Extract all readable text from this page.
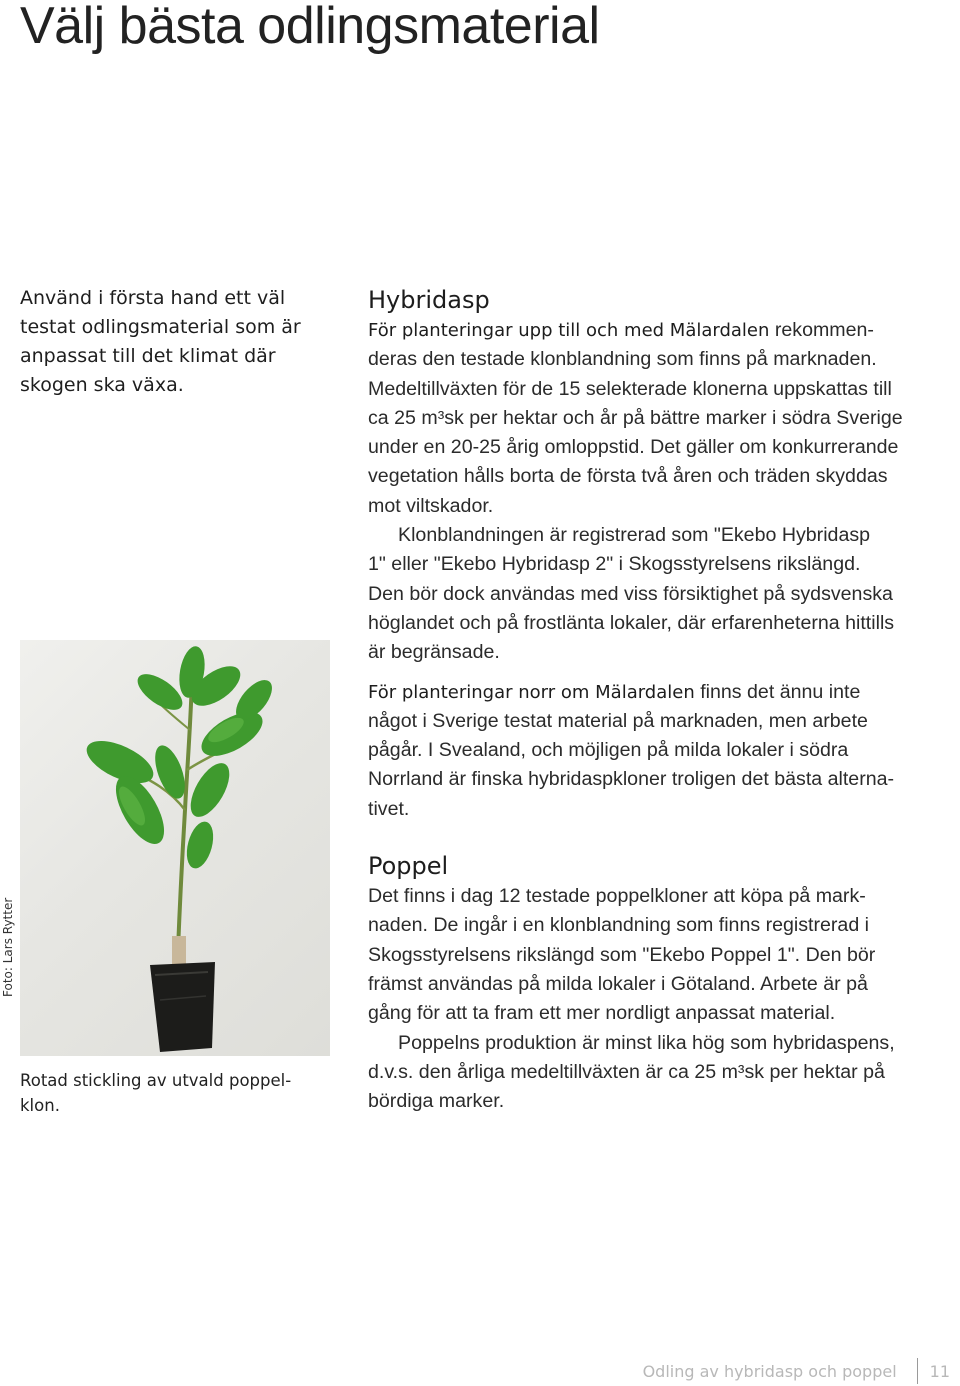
Välj bästa odlingsmaterial
Använd i första hand ett väl
testat odlingsmaterial som är
anpassat till det klimat där
skogen ska växa.
Hybridasp
För planteringar upp till och med Mälardalen rekommen-
deras den testade klonblandning som finns på marknaden.
Medeltillväxten för de 15 selekterade klonerna uppskattas till
ca 25 m³sk per hektar och år på bättre marker i södra Sverige
under en 20-25 årig omloppstid. Det gäller om konkurrerande
vegetation hålls borta de första två åren och träden skyddas
mot viltskador.
Klonblandningen är registrerad som "Ekebo Hybridasp
1" eller "Ekebo Hybridasp 2" i Skogsstyrelsens rikslängd.
Den bör dock användas med viss försiktighet på sydsvenska
höglandet och på frostlänta lokaler, där erfarenheterna hittills
är begränsade.
För planteringar norr om Mälardalen finns det ännu inte
något i Sverige testat material på marknaden, men arbete
pågår. I Svealand, och möjligen på milda lokaler i södra
Norrland är finska hybridaspkloner troligen det bästa alterna-
tivet.
Poppel
Det finns i dag 12 testade poppelkloner att köpa på mark-
naden. De ingår i en klonblandning som finns registrerad i
Skogsstyrelsens rikslängd som "Ekebo Poppel 1". Den bör
främst användas på milda lokaler i Götaland. Arbete är på
gång för att ta fram ett mer nordligt anpassat material.
Poppelns produktion är minst lika hög som hybridaspens,
d.v.s. den årliga medeltillväxten är ca 25 m³sk per hektar på
bördiga marker.
Foto: Lars Rytter
Rotad stickling av utvald poppel-
klon.
Odling av hybridasp och poppel 11
